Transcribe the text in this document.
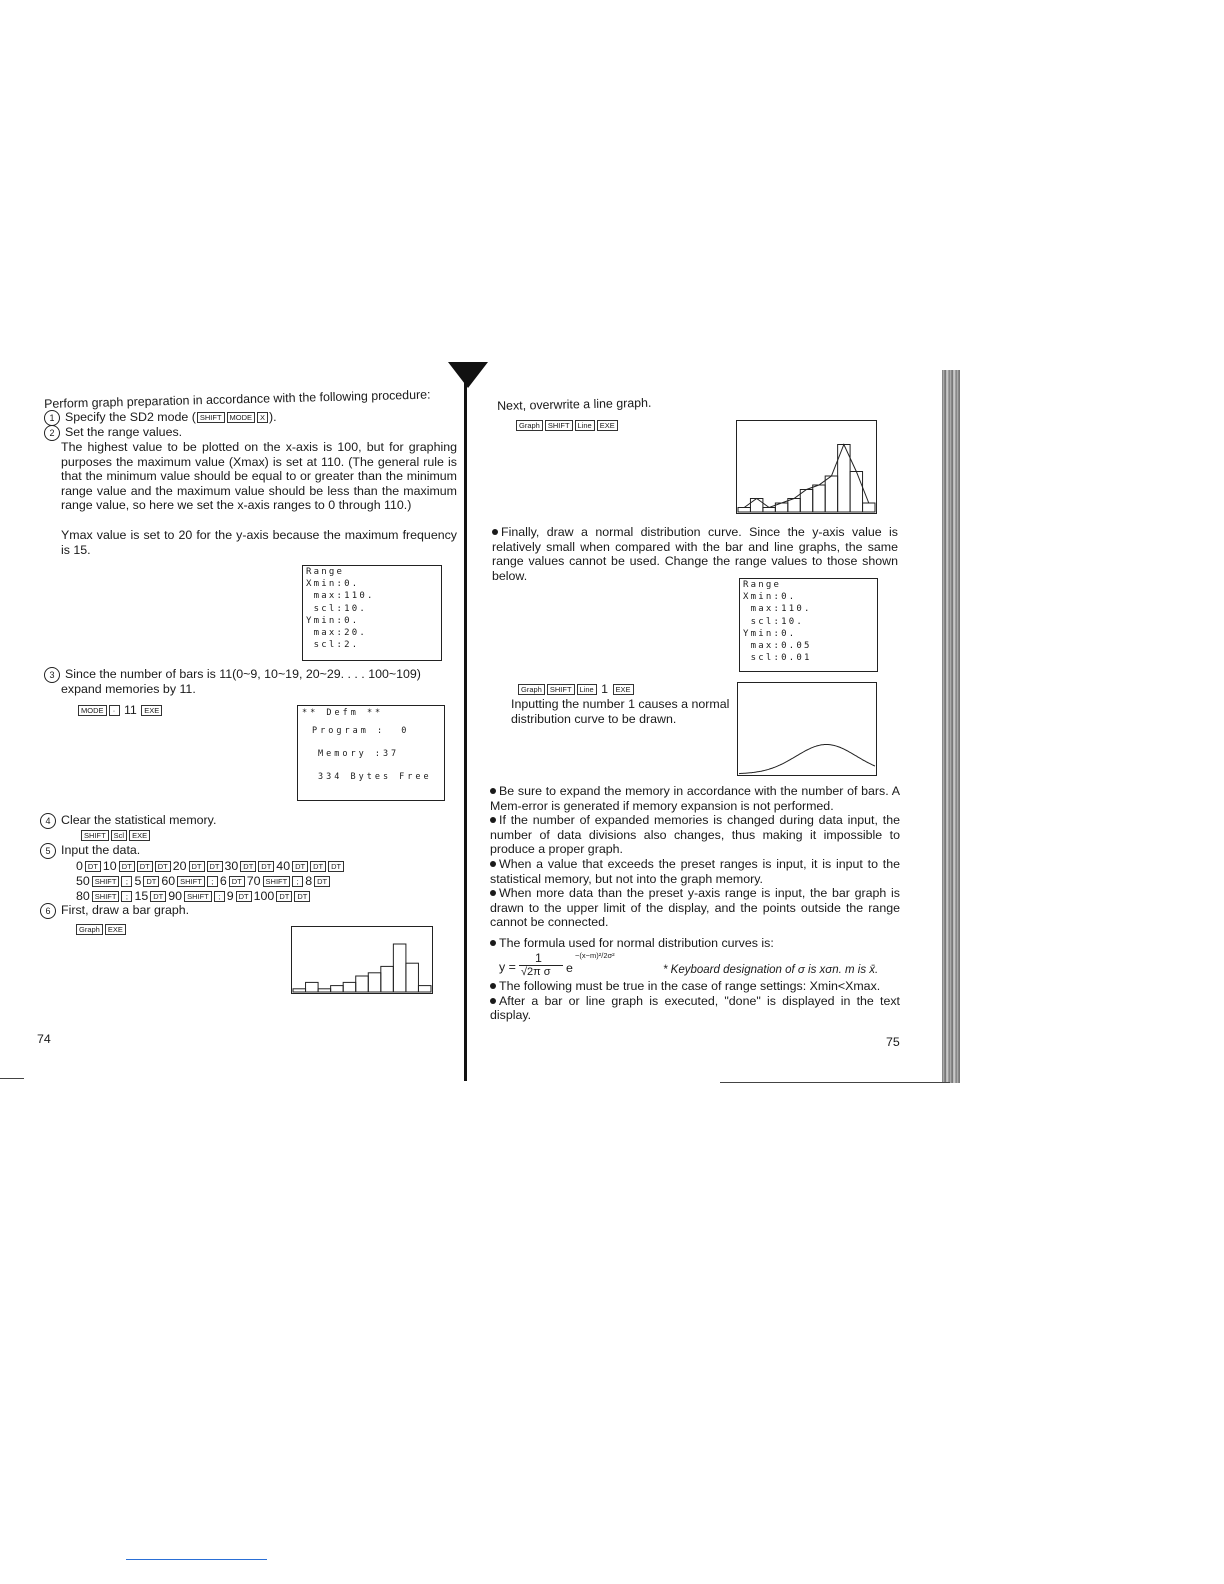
Perform graph preparation in accordance with the following procedure:
1 Specify the SD2 mode ( SHIFT MODE X ).
2 Set the range values.
The highest value to be plotted on the x-axis is 100, but for graphing purposes the maximum value (Xmax) is set at 110. (The general rule is that the minimum value should be equal to or greater than the minimum range value and the maximum value should be less than the maximum range value, so here we set the x-axis ranges to 0 through 110.)
Ymax value is set to 20 for the y-axis because the maximum frequency is 15.
Range
Xmin:0.
max:110.
scl:10.
Ymin:0.
max:20.
scl:2.
3 Since the number of bars is 11(0~9, 10~19, 20~29. . . . 100~109)
expand memories by 11.
MODE · 11 EXE	** Defm **
Program :  0
Memory :37
334 Bytes Free
4 Clear the statistical memory.
SHIFT Scl EXE
5 Input the data.
0 DT 10 DT DT DT 20 DT DT 30 DT DT 40 DT DT DT
50 SHIFT ; 5 DT 60 SHIFT ; 6 DT 70 SHIFT ; 8 DT
80 SHIFT ; 15 DT 90 SHIFT ; 9 DT 100 DT DT
6 First, draw a bar graph.
Graph EXE
74
Next, overwrite a line graph.
Graph SHIFT Line EXE
Finally, draw a normal distribution curve. Since the y-axis value is relatively small when compared with the bar and line graphs, the same range values cannot be used. Change the range values to those shown below.
Range
Xmin:0.
max:110.
scl:10.
Ymin:0.
max:0.05
scl:0.01
Graph SHIFT Line 1 EXE
Inputting the number 1 causes a normal distribution curve to be drawn.
Be sure to expand the memory in accordance with the number of bars. A Mem-error is generated if memory expansion is not performed.
If the number of expanded memories is changed during data input, the number of data divisions also changes, thus making it impossible to produce a proper graph.
When a value that exceeds the preset ranges is input, it is input to the statistical memory, but not into the graph memory.
When more data than the preset y-axis range is input, the bar graph is drawn to the upper limit of the display, and the points outside the range cannot be connected.
The formula used for normal distribution curves is:
y =
1
√2π σ e
−(x−m)²/2σ²
* Keyboard designation of σ is xσn. m is x̄.
The following must be true in the case of range settings: Xmin<Xmax.
After a bar or line graph is executed, "done" is displayed in the text display.
75
